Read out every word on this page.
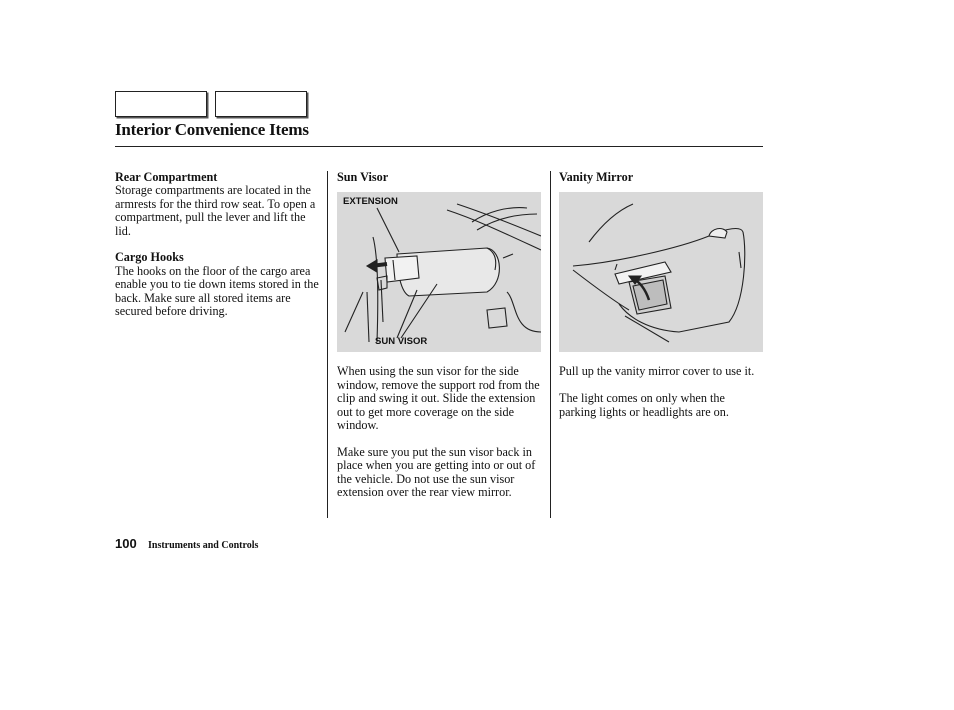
Interior Convenience Items

Rear Compartment

Storage compartments are located in the armrests for the third row seat. To open a compartment, pull the lever and lift the lid.

Cargo Hooks

The hooks on the floor of the cargo area enable you to tie down items stored in the back. Make sure all stored items are secured before driving.

Sun Visor

When using the sun visor for the side window, remove the support rod from the clip and swing it out. Slide the extension out to get more coverage on the side window.

Make sure you put the sun visor back in place when you are getting into or out of the vehicle. Do not use the sun visor extension over the rear view mirror.

EXTENSION
SUN VISOR

Vanity Mirror

Pull up the vanity mirror cover to use it.

The light comes on only when the parking lights or headlights are on.

100 Instruments and Controls
